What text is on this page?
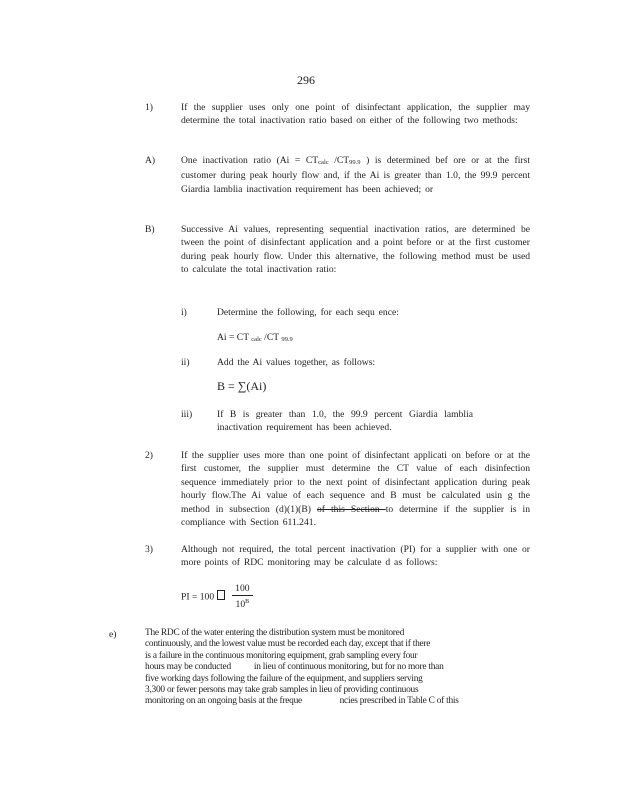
296
1)	If the supplier uses only one point of disinfectant application, the supplier may determine the total inactivation ratio based on either of the following two methods:
A)	One inactivation ratio (Ai = CTcalc /CT99.9 ) is determined bef ore or at the first customer during peak hourly flow and, if the Ai is greater than 1.0, the 99.9 percent Giardia lamblia inactivation requirement has been achieved; or
B)	Successive Ai values, representing sequential inactivation ratios, are determined be tween the point of disinfectant application and a point before or at the first customer during peak hourly flow. Under this alternative, the following method must be used to calculate the total inactivation ratio:
i)	Determine the following, for each sequ ence:
Ai = CT calc /CT 99.9
ii)	Add the Ai values together, as follows:
B = ∑(Ai)
iii)	If B is greater than 1.0, the 99.9 percent Giardia lamblia inactivation requirement has been achieved.
2)	If the supplier uses more than one point of disinfectant applicati on before or at the first customer, the supplier must determine the CT value of each disinfection sequence immediately prior to the next point of disinfectant application during peak hourly flow.The Ai value of each sequence and B must be calculated usin g the method in subsection (d)(1)(B) of this Section to determine if the supplier is in compliance with Section 611.241.
3)	Although not required, the total percent inactivation (PI) for a supplier with one or more points of RDC monitoring may be calculate d as follows:
PI = $100 \frac{100}{10^B}$
e)	The RDC of the water entering the distribution system must be monitored
continuously, and the lowest value must be recorded each day, except that if there
is a failure in the continuous monitoring equipment, grab sampling every four
hours may be conducted           in lieu of continuous monitoring, but for no more than
five working days following the failure of the equipment, and suppliers serving
3,300 or fewer persons may take grab samples in lieu of providing continuous
monitoring on an ongoing basis at the freque                  ncies prescribed in Table C of this
